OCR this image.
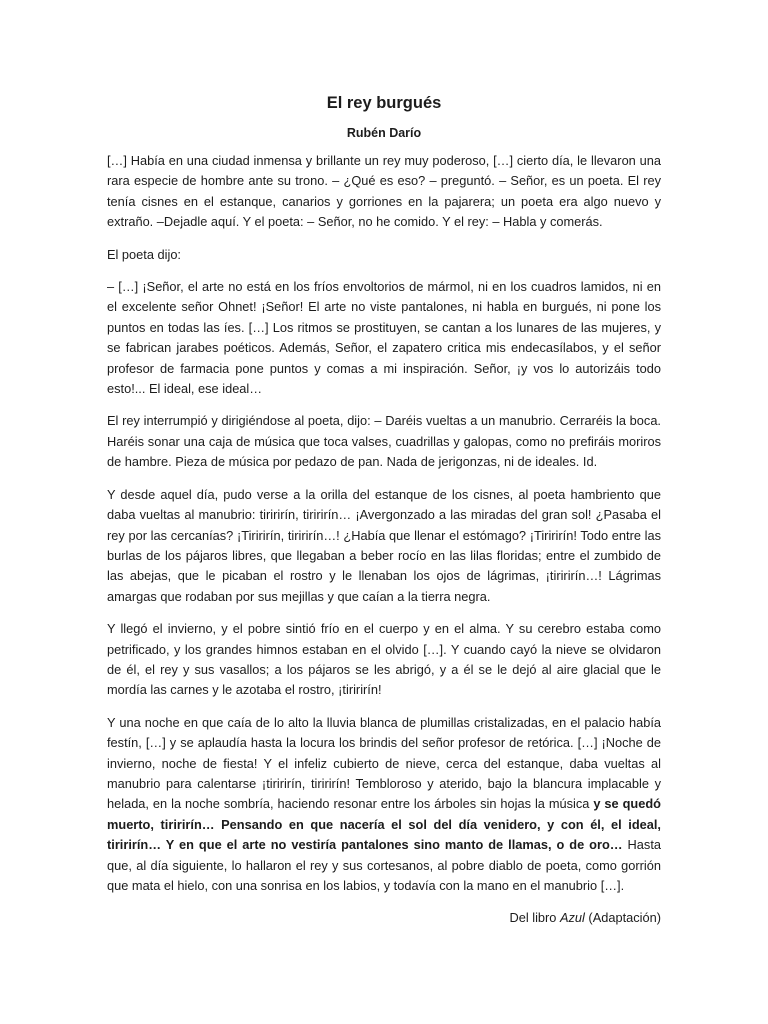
El rey burgués
Rubén Darío

[…] Había en una ciudad inmensa y brillante un rey muy poderoso, […] cierto día, le llevaron una rara especie de hombre ante su trono. – ¿Qué es eso? – preguntó. – Señor, es un poeta. El rey tenía cisnes en el estanque, canarios y gorriones en la pajarera; un poeta era algo nuevo y extraño. –Dejadle aquí. Y el poeta: – Señor, no he comido. Y el rey: – Habla y comerás.

El poeta dijo:

– […] ¡Señor, el arte no está en los fríos envoltorios de mármol, ni en los cuadros lamidos, ni en el excelente señor Ohnet! ¡Señor! El arte no viste pantalones, ni habla en burgués, ni pone los puntos en todas las íes. […] Los ritmos se prostituyen, se cantan a los lunares de las mujeres, y se fabrican jarabes poéticos. Además, Señor, el zapatero critica mis endecasílabos, y el señor profesor de farmacia pone puntos y comas a mi inspiración. Señor, ¡y vos lo autorizáis todo esto!... El ideal, ese ideal…

El rey interrumpió y dirigiéndose al poeta, dijo: – Daréis vueltas a un manubrio. Cerraréis la boca. Haréis sonar una caja de música que toca valses, cuadrillas y galopas, como no prefiráis moriros de hambre. Pieza de música por pedazo de pan. Nada de jerigonzas, ni de ideales. Id.

Y desde aquel día, pudo verse a la orilla del estanque de los cisnes, al poeta hambriento que daba vueltas al manubrio: tiririrín, tiririrín… ¡Avergonzado a las miradas del gran sol! ¿Pasaba el rey por las cercanías? ¡Tiririrín, tiririrín…! ¿Había que llenar el estómago? ¡Tiririrín! Todo entre las burlas de los pájaros libres, que llegaban a beber rocío en las lilas floridas; entre el zumbido de las abejas, que le picaban el rostro y le llenaban los ojos de lágrimas, ¡tiririrín…! Lágrimas amargas que rodaban por sus mejillas y que caían a la tierra negra.

Y llegó el invierno, y el pobre sintió frío en el cuerpo y en el alma. Y su cerebro estaba como petrificado, y los grandes himnos estaban en el olvido […]. Y cuando cayó la nieve se olvidaron de él, el rey y sus vasallos; a los pájaros se les abrigó, y a él se le dejó al aire glacial que le mordía las carnes y le azotaba el rostro, ¡tiririrín!

Y una noche en que caía de lo alto la lluvia blanca de plumillas cristalizadas, en el palacio había festín, […] y se aplaudía hasta la locura los brindis del señor profesor de retórica. […] ¡Noche de invierno, noche de fiesta! Y el infeliz cubierto de nieve, cerca del estanque, daba vueltas al manubrio para calentarse ¡tiririrín, tiririrín! Tembloroso y aterido, bajo la blancura implacable y helada, en la noche sombría, haciendo resonar entre los árboles sin hojas la música y se quedó muerto, tiririrín… Pensando en que nacería el sol del día venidero, y con él, el ideal, tiririrín… Y en que el arte no vestiría pantalones sino manto de llamas, o de oro… Hasta que, al día siguiente, lo hallaron el rey y sus cortesanos, al pobre diablo de poeta, como gorrión que mata el hielo, con una sonrisa en los labios, y todavía con la mano en el manubrio […].

Del libro Azul (Adaptación)
